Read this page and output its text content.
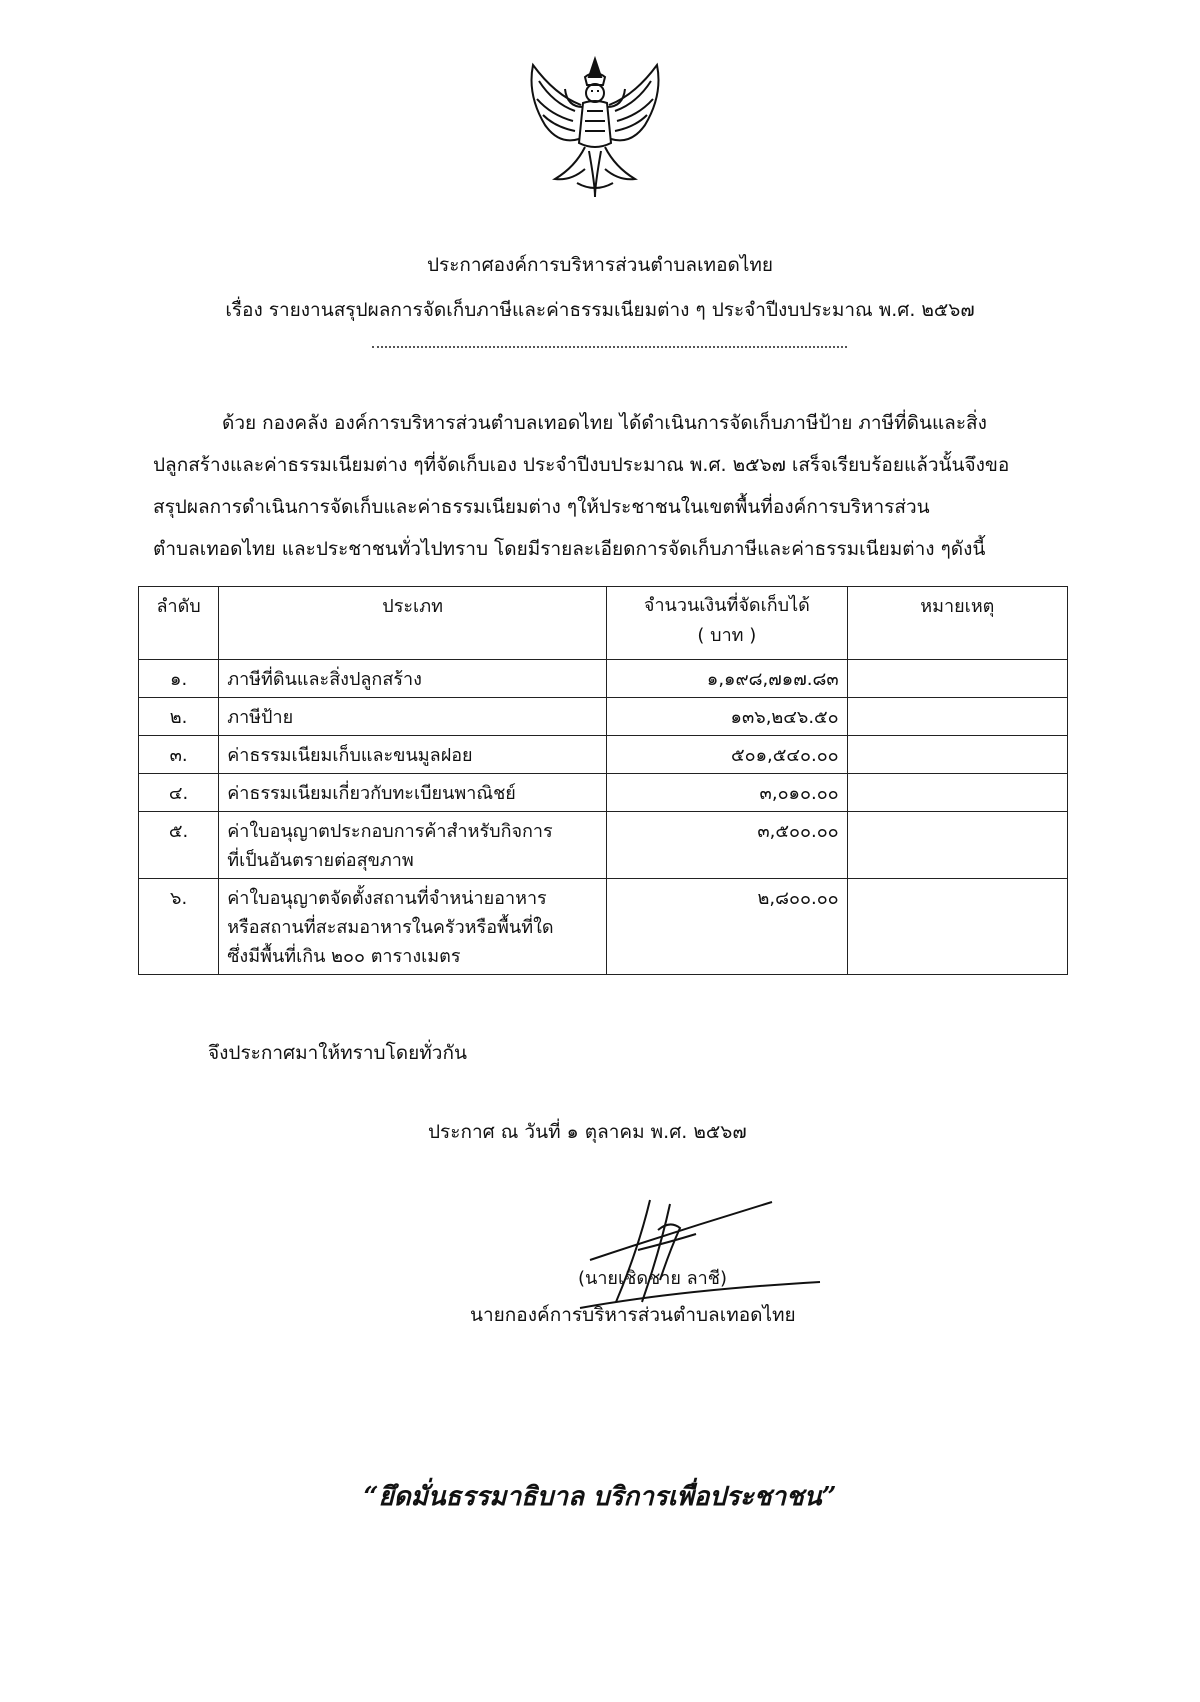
ประกาศองค์การบริหารส่วนตำบลเทอดไทย
เรื่อง รายงานสรุปผลการจัดเก็บภาษีและค่าธรรมเนียมต่าง ๆ ประจำปีงบประมาณ พ.ศ. ๒๕๖๗
ด้วย กองคลัง องค์การบริหารส่วนตำบลเทอดไทย ได้ดำเนินการจัดเก็บภาษีป้าย ภาษีที่ดินและสิ่ง
ปลูกสร้างและค่าธรรมเนียมต่าง ๆที่จัดเก็บเอง ประจำปีงบประมาณ พ.ศ. ๒๕๖๗ เสร็จเรียบร้อยแล้วนั้นจึงขอ
สรุปผลการดำเนินการจัดเก็บและค่าธรรมเนียมต่าง ๆให้ประชาชนในเขตพื้นที่องค์การบริหารส่วน
ตำบลเทอดไทย และประชาชนทั่วไปทราบ โดยมีรายละเอียดการจัดเก็บภาษีและค่าธรรมเนียมต่าง ๆดังนี้
ลำดับ	ประเภท	จำนวนเงินที่จัดเก็บได้
( บาท )	หมายเหตุ
๑.	ภาษีที่ดินและสิ่งปลูกสร้าง	๑,๑๙๘,๗๑๗.๘๓	
๒.	ภาษีป้าย	๑๓๖,๒๔๖.๕๐	
๓.	ค่าธรรมเนียมเก็บและขนมูลฝอย	๕๐๑,๕๔๐.๐๐	
๔.	ค่าธรรมเนียมเกี่ยวกับทะเบียนพาณิชย์	๓,๐๑๐.๐๐	
๕.	ค่าใบอนุญาตประกอบการค้าสำหรับกิจการ
ที่เป็นอันตรายต่อสุขภาพ	๓,๕๐๐.๐๐	
๖.	ค่าใบอนุญาตจัดตั้งสถานที่จำหน่ายอาหาร
หรือสถานที่สะสมอาหารในครัวหรือพื้นที่ใด
ซึ่งมีพื้นที่เกิน ๒๐๐ ตารางเมตร	๒,๘๐๐.๐๐	
จึงประกาศมาให้ทราบโดยทั่วกัน
ประกาศ ณ วันที่ ๑ ตุลาคม พ.ศ. ๒๕๖๗
(นายเชิดชาย ลาชี)
นายกองค์การบริหารส่วนตำบลเทอดไทย
“ยึดมั่นธรรมาธิบาล บริการเพื่อประชาชน”
